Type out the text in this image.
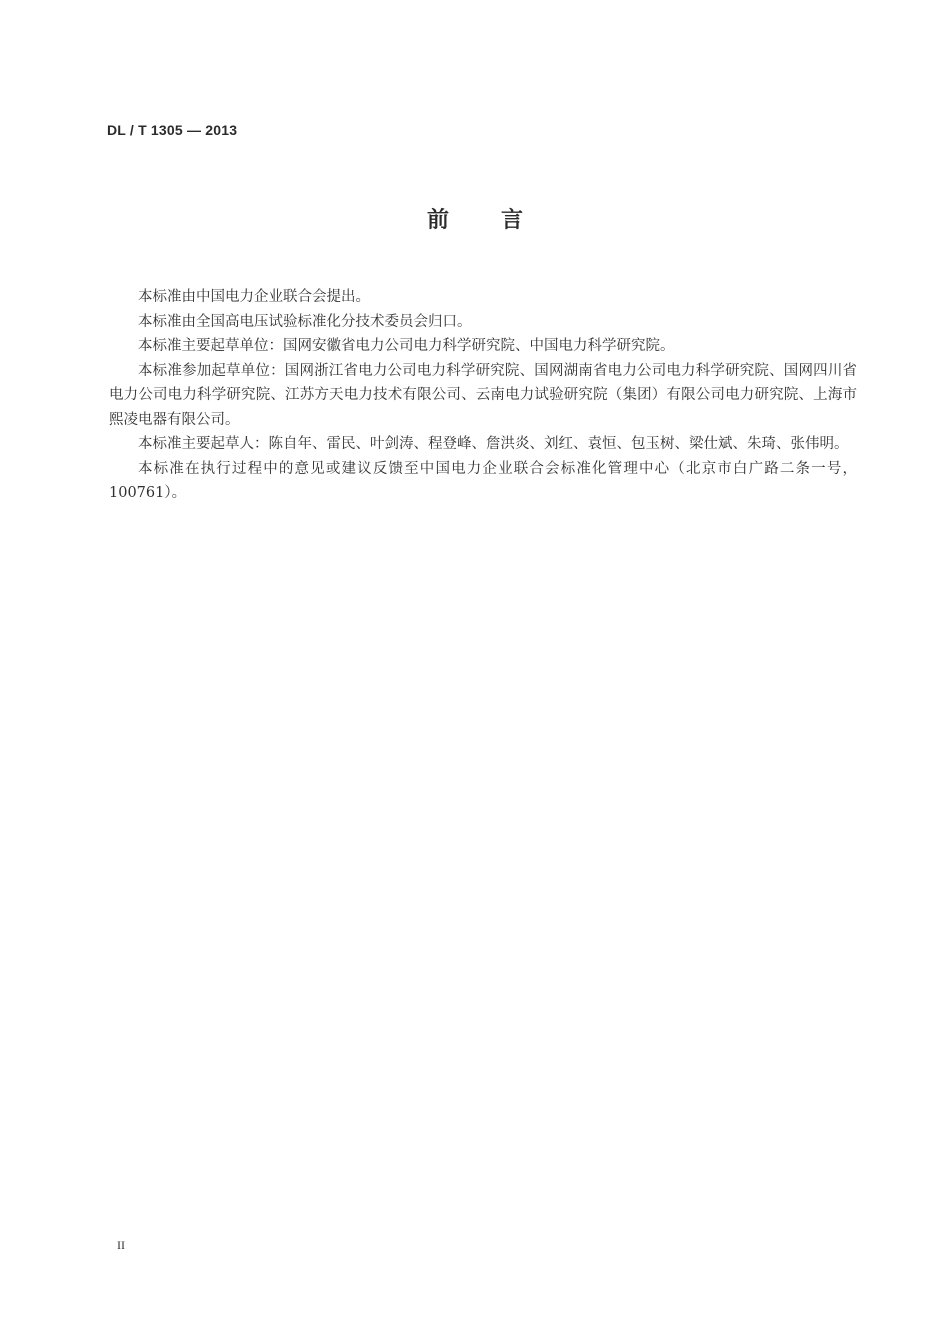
DL / T 1305 — 2013
前言

本标准由中国电力企业联合会提出。

本标准由全国高电压试验标准化分技术委员会归口。

本标准主要起草单位：国网安徽省电力公司电力科学研究院、中国电力科学研究院。

本标准参加起草单位：国网浙江省电力公司电力科学研究院、国网湖南省电力公司电力科学研究院、国网四川省电力公司电力科学研究院、江苏方天电力技术有限公司、云南电力试验研究院（集团）有限公司电力研究院、上海市熙凌电器有限公司。

本标准主要起草人：陈自年、雷民、叶剑涛、程登峰、詹洪炎、刘红、袁恒、包玉树、梁仕斌、朱琦、张伟明。

本标准在执行过程中的意见或建议反馈至中国电力企业联合会标准化管理中心（北京市白广路二条一号，100761）。

II
